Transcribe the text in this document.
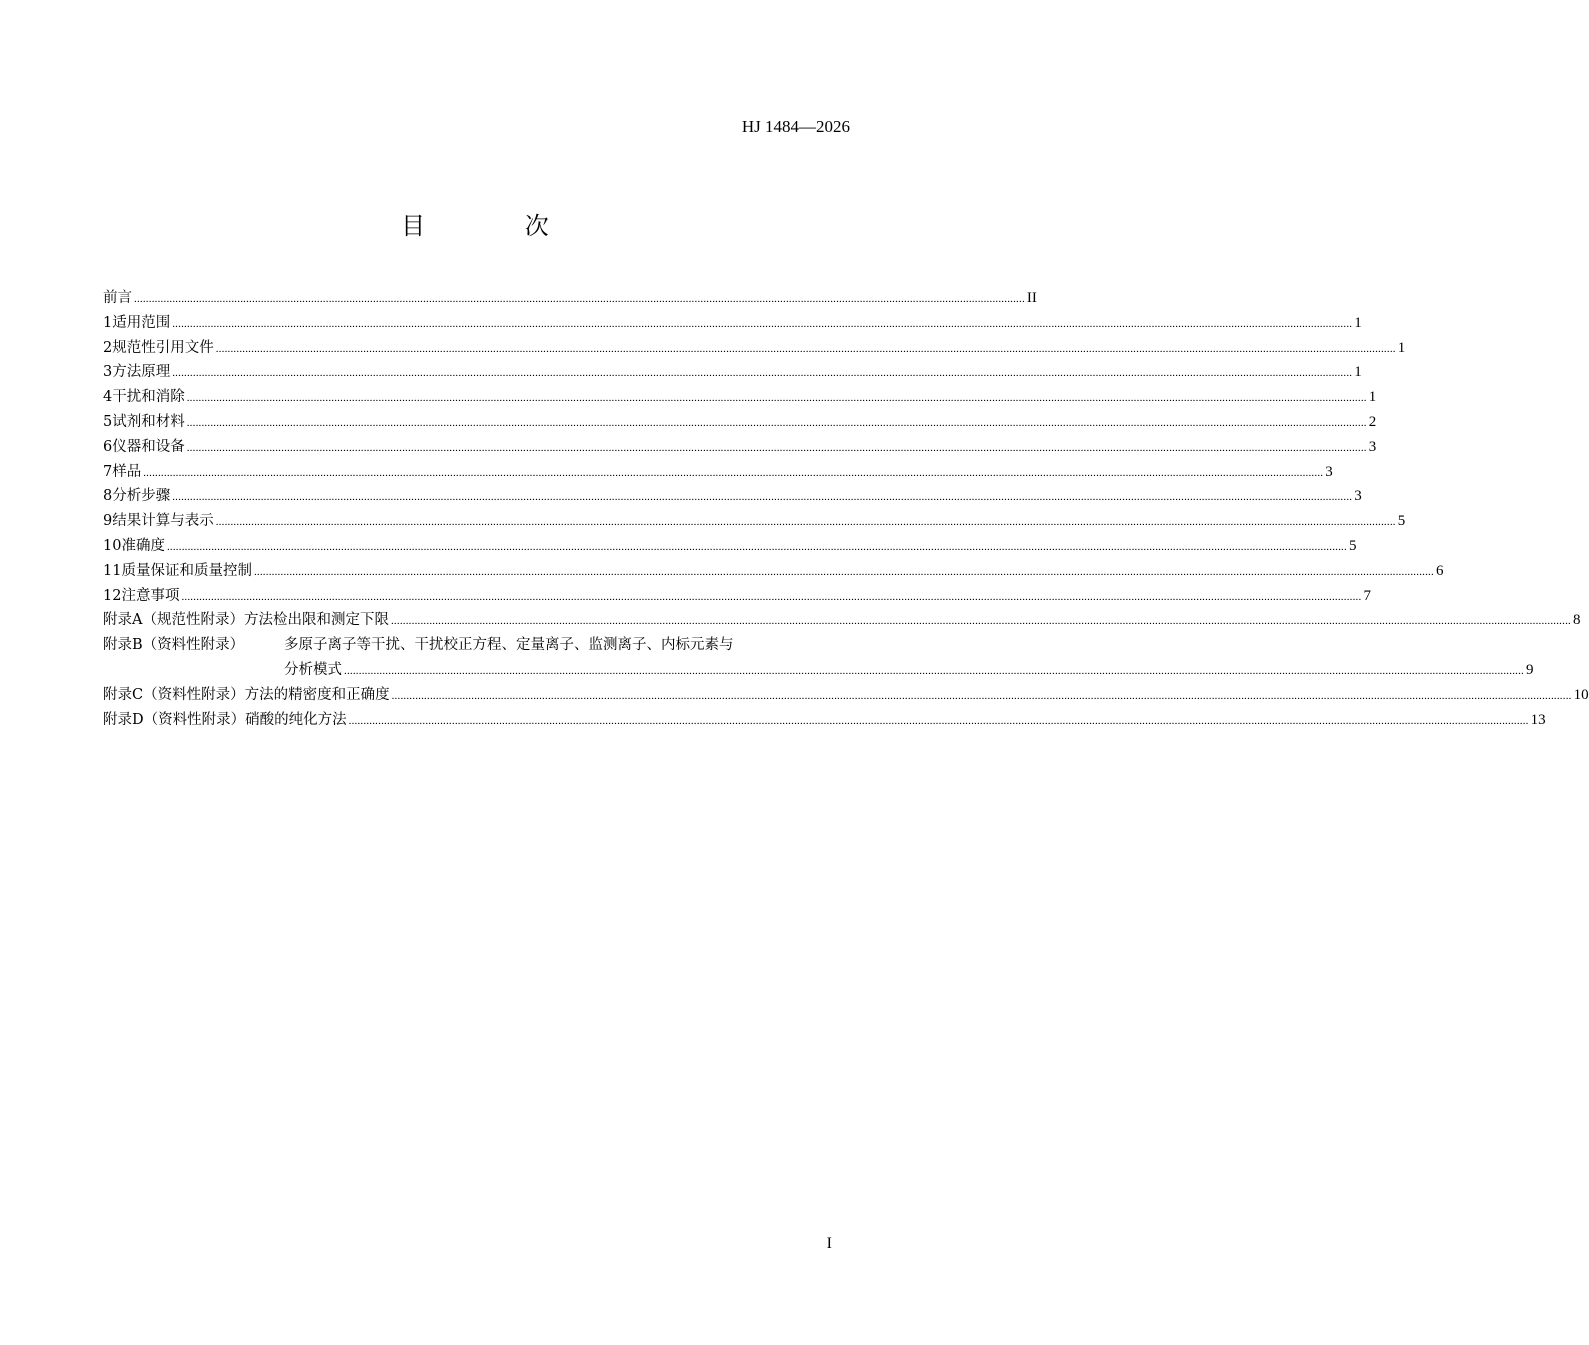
HJ 1484—2026
目 次
前言 .............................................................................................................................................................................................................................................................................................................. II
1 适用范围 ................................................................................................................................................................................................................................................................................................................................................................................................................ 1
2 规范性引用文件 ................................................................................................................................................................................................................................................................................................................................................................................................................ 1
3 方法原理 ................................................................................................................................................................................................................................................................................................................................................................................................................ 1
4 干扰和消除 ................................................................................................................................................................................................................................................................................................................................................................................................................ 1
5 试剂和材料 ................................................................................................................................................................................................................................................................................................................................................................................................................ 2
6 仪器和设备 ................................................................................................................................................................................................................................................................................................................................................................................................................ 3
7 样品 ................................................................................................................................................................................................................................................................................................................................................................................................................ 3
8 分析步骤 ................................................................................................................................................................................................................................................................................................................................................................................................................ 3
9 结果计算与表示 ................................................................................................................................................................................................................................................................................................................................................................................................................ 5
10 准确度 ................................................................................................................................................................................................................................................................................................................................................................................................................ 5
11 质量保证和质量控制 ................................................................................................................................................................................................................................................................................................................................................................................................................ 6
12 注意事项 ................................................................................................................................................................................................................................................................................................................................................................................................................ 7
附录A（规范性附录） 方法检出限和测定下限 ................................................................................................................................................................................................................................................................................................................................................................................................................ 8
附录B（资料性附录）	多原子离子等干扰、干扰校正方程、定量离子、监测离子、内标元素与
分析模式 ................................................................................................................................................................................................................................................................................................................................................................................................................ 9
附录C（资料性附录） 方法的精密度和正确度 ................................................................................................................................................................................................................................................................................................................................................................................................................ 10
附录D（资料性附录） 硝酸的纯化方法 ................................................................................................................................................................................................................................................................................................................................................................................................................ 13
I
